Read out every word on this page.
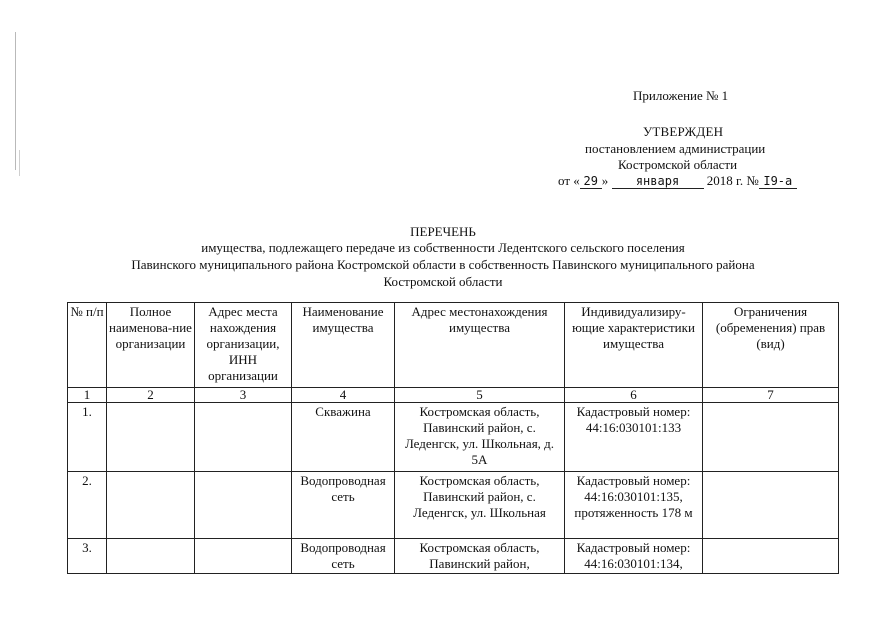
Приложение № 1
УТВЕРЖДЕН
постановлением администрации
Костромской области
от « 29 » января 2018 г. № I9-а
ПЕРЕЧЕНЬ
имущества, подлежащего передаче из собственности Ледентского сельского поселения
Павинского муниципального района Костромской области в собственность Павинского муниципального района
Костромской области
№ п/п	Полное наименова-ние организации	Адрес места нахождения организации, ИНН организации	Наименование имущества	Адрес местонахождения имущества	Индивидуализиру-ющие характеристики имущества	Ограничения (обременения) прав (вид)
1	2	3	4	5	6	7
1.			Скважина	Костромская область, Павинский район, с. Леденгск, ул. Школьная, д. 5А	Кадастровый номер: 44:16:030101:133	
2.			Водопроводная сеть	Костромская область, Павинский район, с. Леденгск, ул. Школьная	Кадастровый номер: 44:16:030101:135, протяженность 178 м	
3.			Водопроводная сеть	Костромская область, Павинский район,	Кадастровый номер: 44:16:030101:134,	
